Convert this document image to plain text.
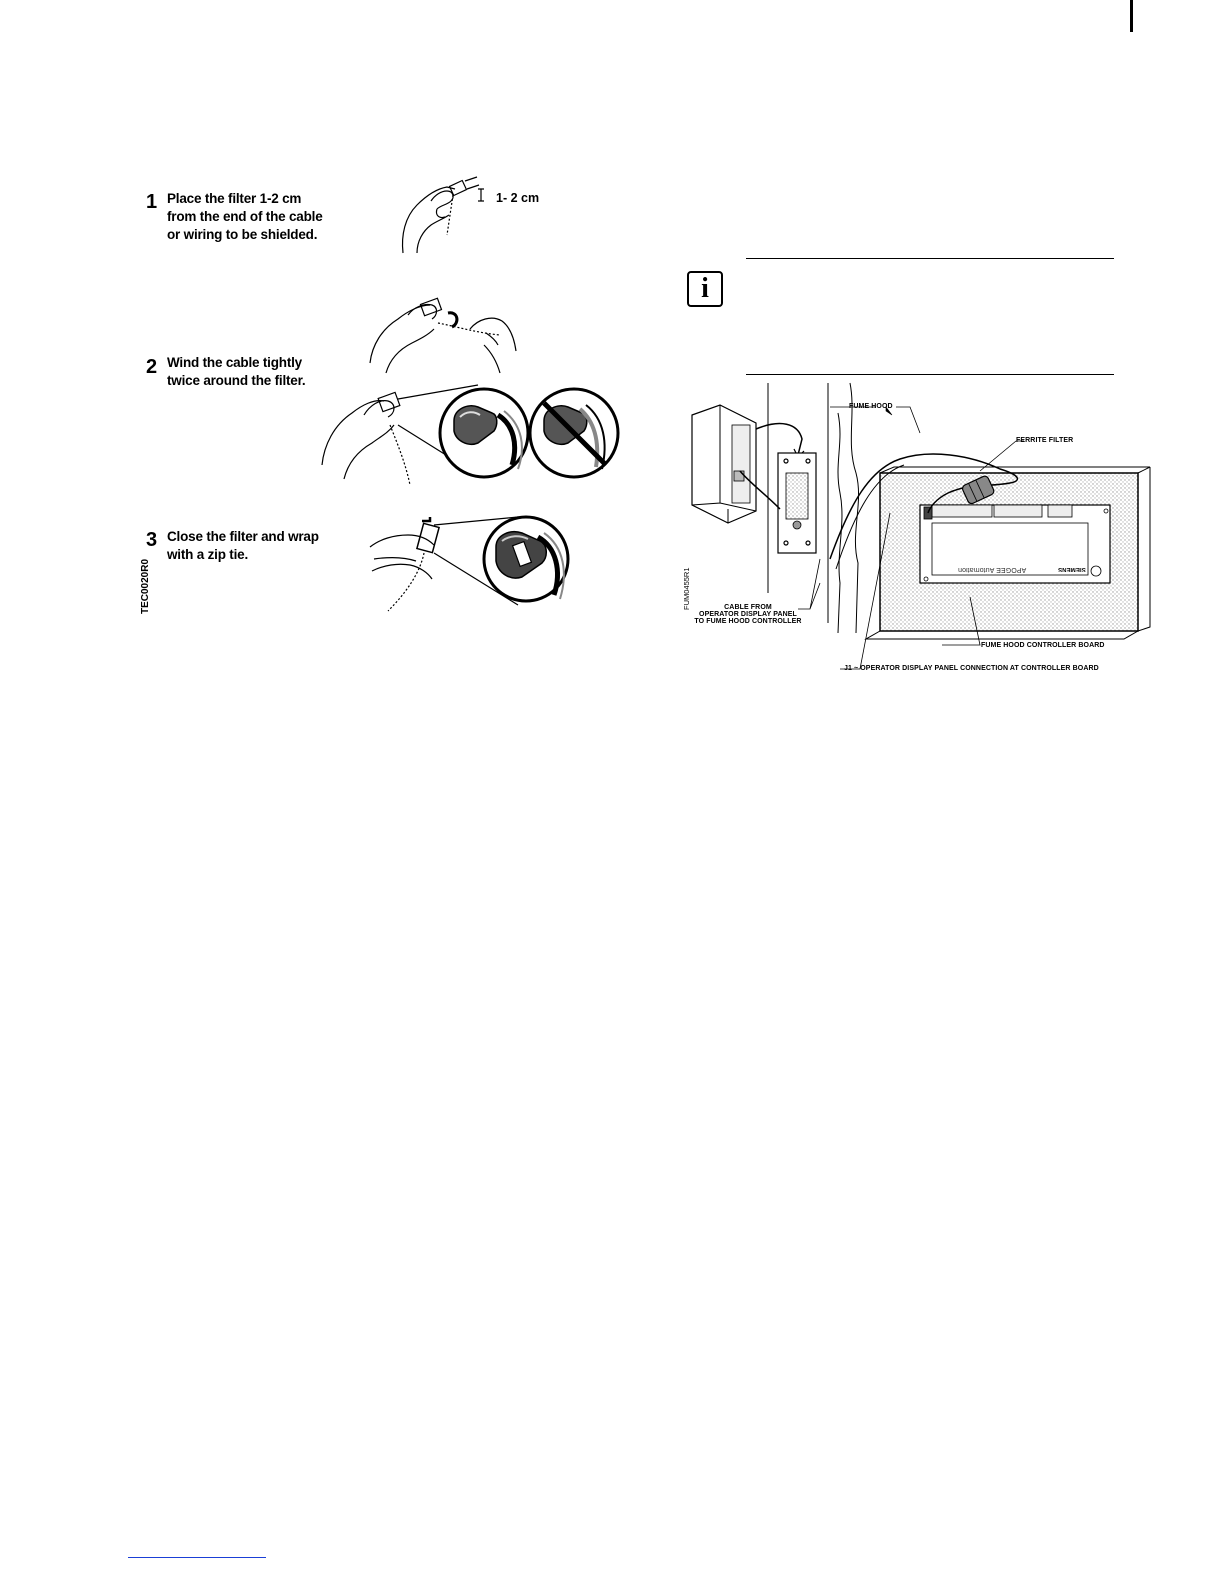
1 Place the filter 1-2 cm
from the end of the cable
or wiring to be shielded.
1- 2 cm
2 Wind the cable tightly
twice around the filter.
3 Close the filter and wrap
with a zip tie.
TEC0020R0
i
FUME HOOD
FERRITE FILTER
CABLE FROM
OPERATOR DISPLAY PANEL
TO FUME HOOD CONTROLLER
FUME HOOD CONTROLLER BOARD
J1 ~ OPERATOR DISPLAY PANEL CONNECTION AT CONTROLLER BOARD
APOGEE Automation	SIEMENS
FUM0455R1
